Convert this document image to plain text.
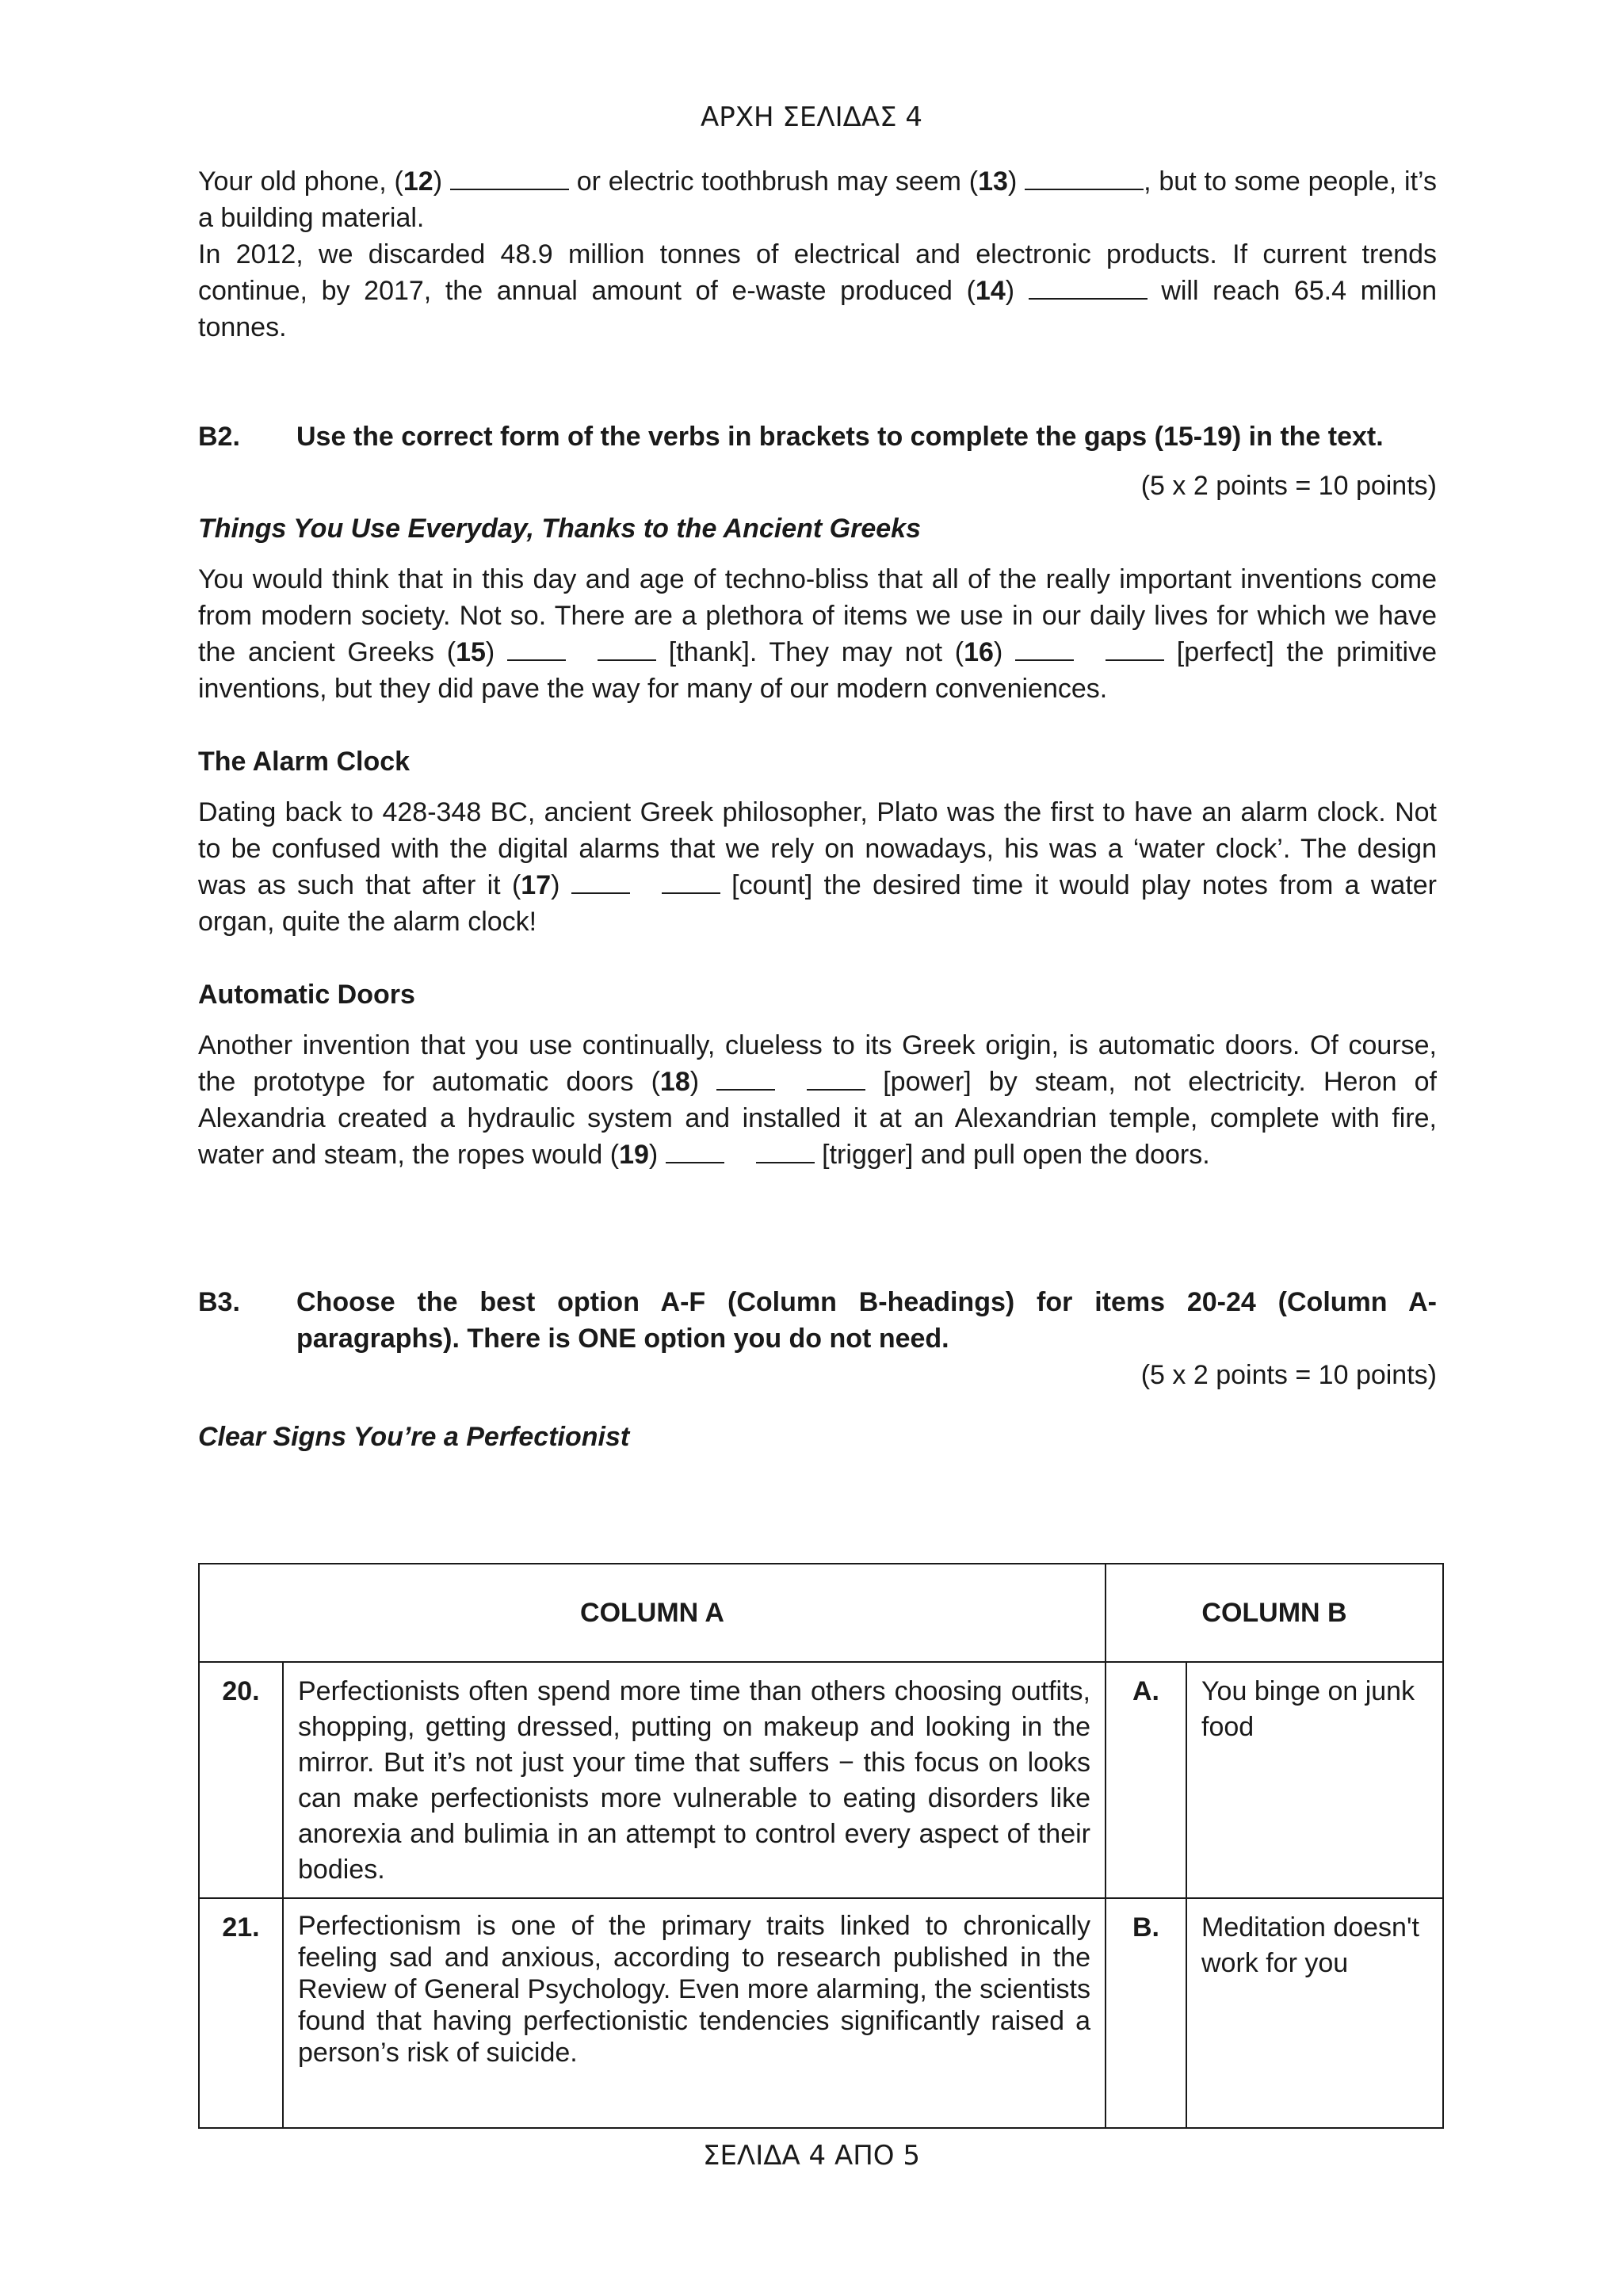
ΑΡΧΗ ΣΕΛΙΔΑΣ 4

Your old phone, (12)	or electric toothbrush may seem (13)	, but to some people, it’s a building material.

In 2012, we discarded 48.9 million tonnes of electrical and electronic products. If current trends continue, by 2017, the annual amount of e-waste produced (14)	will reach 65.4 million tonnes.

B2.	Use the correct form of the verbs in brackets to complete the gaps (15-19) in the text.

(5 x 2 points = 10 points)

Things You Use Everyday, Thanks to the Ancient Greeks

You would think that in this day and age of techno-bliss that all of the really important inventions come from modern society. Not so. There are a plethora of items we use in our daily lives for which we have the ancient Greeks (15)	[thank]. They may not (16)	[perfect] the primitive inventions, but they did pave the way for many of our modern conveniences.

The Alarm Clock

Dating back to 428-348 BC, ancient Greek philosopher, Plato was the first to have an alarm clock. Not to be confused with the digital alarms that we rely on nowadays, his was a ‘water clock’. The design was as such that after it (17)	[count] the desired time it would play notes from a water organ, quite the alarm clock!

Automatic Doors

Another invention that you use continually, clueless to its Greek origin, is automatic doors. Of course, the prototype for automatic doors (18)	[power] by steam, not electricity. Heron of Alexandria created a hydraulic system and installed it at an Alexandrian temple, complete with fire, water and steam, the ropes would (19)	[trigger] and pull open the doors.

B3.	Choose the best option A-F (Column B-headings) for items 20-24 (Column A-paragraphs). There is ONE option you do not need.

(5 x 2 points = 10 points)

Clear Signs You’re a Perfectionist

COLUMN A		COLUMN B	
20.	Perfectionists often spend more time than others choosing outfits, shopping, getting dressed, putting on makeup and looking in the mirror. But it’s not just your time that suffers − this focus on looks can make perfectionists more vulnerable to eating disorders like anorexia and bulimia in an attempt to control every aspect of their bodies.	A.	You binge on junk food
21.	Perfectionism is one of the primary traits linked to chronically feeling sad and anxious, according to research published in the Review of General Psychology. Even more alarming, the scientists found that having perfectionistic tendencies significantly raised a person’s risk of suicide.	B.	Meditation doesn't work for you
ΣΕΛΙΔΑ 4 ΑΠΟ 5
